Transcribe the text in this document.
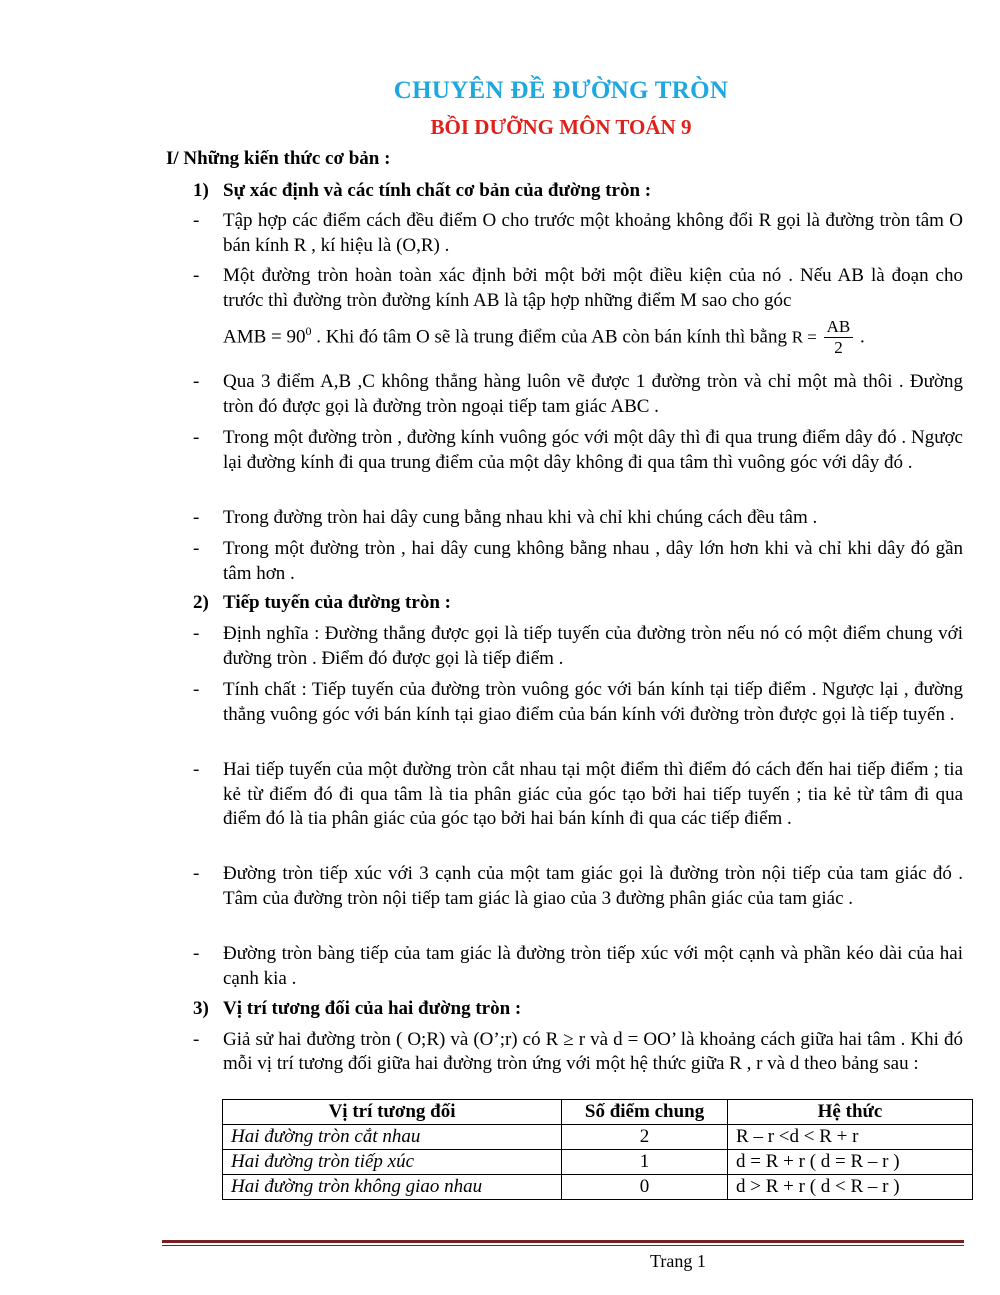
CHUYÊN ĐỀ ĐƯỜNG TRÒN
BỒI DƯỠNG MÔN TOÁN 9
I/ Những kiến thức cơ bản :
1) Sự xác định và các tính chất cơ bản của đường tròn :
-	Tập hợp các điểm cách đều điểm O cho trước một khoảng không đổi R gọi là đường tròn tâm O bán kính R , kí hiệu là (O,R) .
-	Một đường tròn hoàn toàn xác định bởi một bởi một điều kiện của nó . Nếu AB là đoạn cho trước thì đường tròn đường kính AB là tập hợp những điểm M sao cho góc
AMB = $90^0$ . Khi đó tâm O sẽ là trung điểm của AB còn bán kính thì bằng $R = \frac{AB}{2}$ .
-	Qua 3 điểm A,B ,C không thẳng hàng luôn vẽ được 1 đường tròn và chỉ một mà thôi . Đường tròn đó được gọi là đường tròn ngoại tiếp tam giác ABC .
-	Trong một đường tròn , đường kính vuông góc với một dây thì đi qua trung điểm dây đó . Ngược lại đường kính đi qua trung điểm của một dây không đi qua tâm thì vuông góc với dây đó .
-	Trong đường tròn hai dây cung bằng nhau khi và chỉ khi chúng cách đều tâm .
-	Trong một đường tròn , hai dây cung không bằng nhau , dây lớn hơn khi và chỉ khi dây đó gần tâm hơn .
2) Tiếp tuyến của đường tròn :
-	Định nghĩa : Đường thẳng được gọi là tiếp tuyến của đường tròn nếu nó có một điểm chung với đường tròn . Điểm đó được gọi là tiếp điểm .
-	Tính chất : Tiếp tuyến của đường tròn vuông góc với bán kính tại tiếp điểm . Ngược lại , đường thẳng vuông góc với bán kính tại giao điểm của bán kính với đường tròn được gọi là tiếp tuyến .
-	Hai tiếp tuyến của một đường tròn cắt nhau tại một điểm thì điểm đó cách đến hai tiếp điểm ; tia kẻ từ điểm đó đi qua tâm là tia phân giác của góc tạo bởi hai tiếp tuyến ; tia kẻ từ tâm đi qua điểm đó là tia phân giác của góc tạo bởi hai bán kính đi qua các tiếp điểm .
-	Đường tròn tiếp xúc với 3 cạnh của một tam giác gọi là đường tròn nội tiếp của tam giác đó . Tâm của đường tròn nội tiếp tam giác là giao của 3 đường phân giác của tam giác .
-	Đường tròn bàng tiếp của tam giác là đường tròn tiếp xúc với một cạnh và phần kéo dài của hai cạnh kia .
3) Vị trí tương đối của hai đường tròn :
-	Giả sử hai đường tròn ( O;R) và (O’;r) có R ≥ r và d = OO’ là khoảng cách giữa hai tâm . Khi đó mỗi vị trí tương đối giữa hai đường tròn ứng với một hệ thức giữa R , r và d theo bảng sau :
Vị trí tương đối	Số điểm chung	Hệ thức
Hai đường tròn cắt nhau	2	R – r <d < R + r
Hai đường tròn tiếp xúc	1	d = R + r ( d = R – r )
Hai đường tròn không giao nhau	0	d > R + r ( d < R – r )
Trang 1
